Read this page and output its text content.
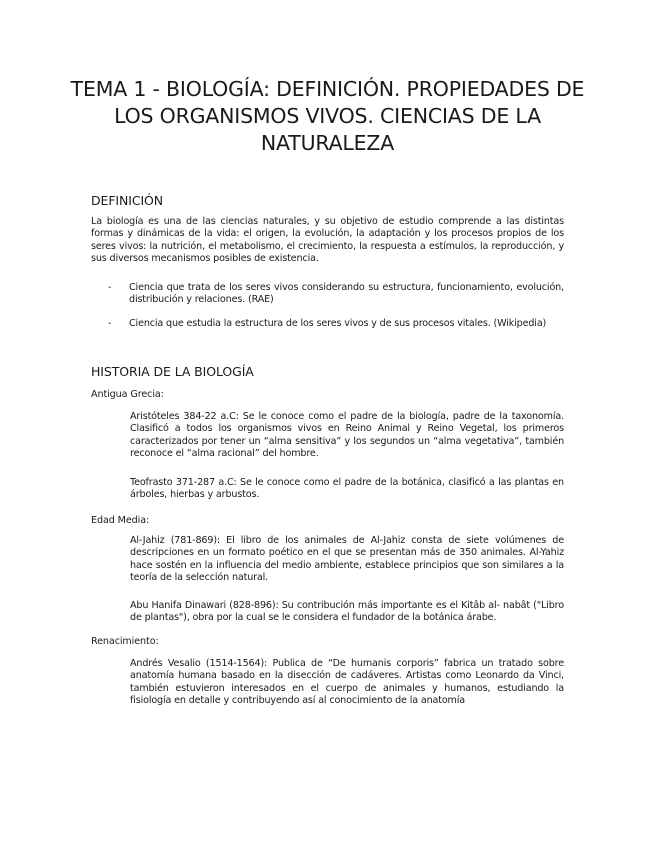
TEMA 1 - BIOLOGÍA: DEFINICIÓN. PROPIEDADES DE LOS ORGANISMOS VIVOS. CIENCIAS DE LA NATURALEZA
DEFINICIÓN

La biología es una de las ciencias naturales, y su objetivo de estudio comprende a las distintas formas y dinámicas de la vida: el origen, la evolución, la adaptación y los procesos propios de los seres vivos: la nutrición, el metabolismo, el crecimiento, la respuesta a estímulos, la reproducción, y sus diversos mecanismos posibles de existencia.

- Ciencia que trata de los seres vivos considerando su estructura, funcionamiento, evolución, distribución y relaciones. (RAE)
- Ciencia que estudia la estructura de los seres vivos y de sus procesos vitales. (Wikipedia)
HISTORIA DE LA BIOLOGÍA

Antigua Grecia:

Aristóteles 384-22 a.C: Se le conoce como el padre de la biología, padre de la taxonomía. Clasificó a todos los organismos vivos en Reino Animal y Reino Vegetal, los primeros caracterizados por tener un “alma sensitiva” y los segundos un “alma vegetativa”, también reconoce el “alma racional” del hombre.

Teofrasto 371-287 a.C: Se le conoce como el padre de la botánica, clasificó a las plantas en árboles, hierbas y arbustos.

Edad Media:

Al-Jahiz (781-869): El libro de los animales de Al-Jahiz consta de siete volúmenes de descripciones en un formato poético en el que se presentan más de 350 animales. Al-Yahiz hace sostén en la influencia del medio ambiente, establece principios que son similares a la teoría de la selección natural.

Abu Hanifa Dinawari (828-896): Su contribución más importante es el Kitâb al- nabât ("Libro de plantas"), obra por la cual se le considera el fundador de la botánica árabe.

Renacimiento:

Andrés Vesalio (1514-1564): Publica de “De humanis corporis” fabrica un tratado sobre anatomía humana basado en la disección de cadáveres. Artistas como Leonardo da Vinci, también estuvieron interesados en el cuerpo de animales y humanos, estudiando la fisiología en detalle y contribuyendo así al conocimiento de la anatomía
